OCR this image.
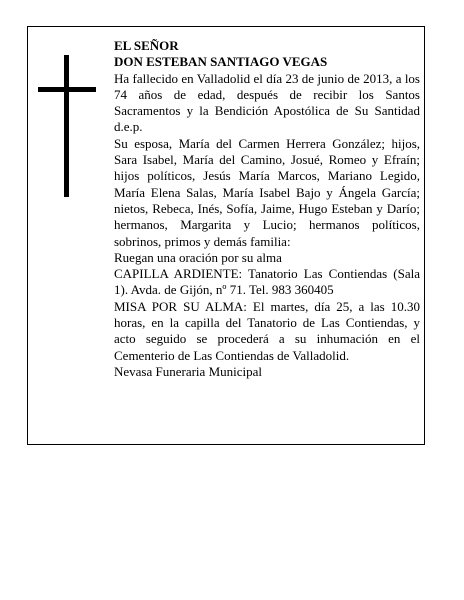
EL SEÑOR

DON ESTEBAN SANTIAGO VEGAS

Ha fallecido en Valladolid el día 23 de junio de 2013, a los 74 años de edad, después de recibir los Santos Sacramentos y la Bendición Apostólica de Su Santidad d.e.p.

Su esposa, María del Carmen Herrera González; hijos, Sara Isabel, María del Camino, Josué, Romeo y Efraín; hijos políticos, Jesús María Marcos, Mariano Legido, María Elena Salas, María Isabel Bajo y Ángela García; nietos, Rebeca, Inés, Sofía, Jaime, Hugo Esteban y Darío; hermanos, Margarita y Lucio; hermanos políticos, sobrinos, primos y demás familia:

Ruegan una oración por su alma

CAPILLA ARDIENTE: Tanatorio Las Contiendas (Sala 1). Avda. de Gijón, nº 71. Tel. 983 360405

MISA POR SU ALMA: El martes, día 25, a las 10.30 horas, en la capilla del Tanatorio de Las Contiendas, y acto seguido se procederá a su inhumación en el Cementerio de Las Contiendas de Valladolid.

Nevasa Funeraria Municipal
